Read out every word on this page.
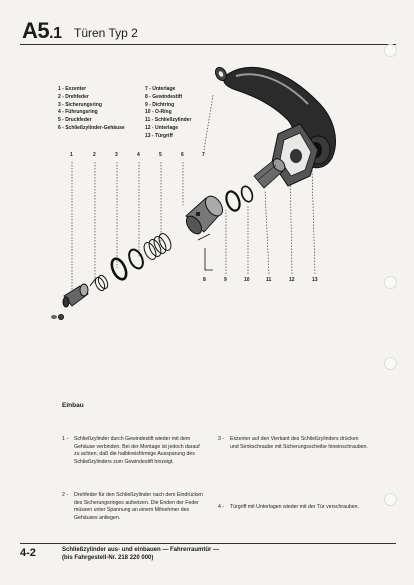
A5.1 Türen Typ 2
1 - Exzenter
2 - Drehfeder
3 - Sicherungsring
4 - Führungsring
5 - Druckfeder
6 - Schließzylinder-Gehäuse
7 - Unterlage
8 - Gewindestift
9 - Dichtring
10 - O-Ring
11 - Schließzylinder
12 - Unterlage
13 - Türgriff
1	2	3	4	5	6	7
8	9	10	11	12	13
Einbau
1 -	Schließzylinder durch Gewindestift wieder mit dem Gehäuse verbinden. Bei der Montage ist jedoch darauf zu achten, daß die halbkreisförmige Aussparung des Schließzylinders zum Gewindestift hinzeigt.
2 -	Drehfeder für den Schließzylinder nach dem Eindrücken des Sicherungsringes aufsetzen. Die Enden der Feder müssen unter Spannung an einem Mitnehmer des Gehäuses anliegen.
3 -	Exzenter auf den Vierkant des Schließzylinders drücken und Senkschraube mit Sicherungsscheibe hineinschrauben.
4 -	Türgriff mit Unterlagen wieder mit der Tür verschrauben.
4-2	Schließzylinder aus- und einbauen — Fahrerraumtür —
(bis Fahrgestell-Nr. 218 220 000)
